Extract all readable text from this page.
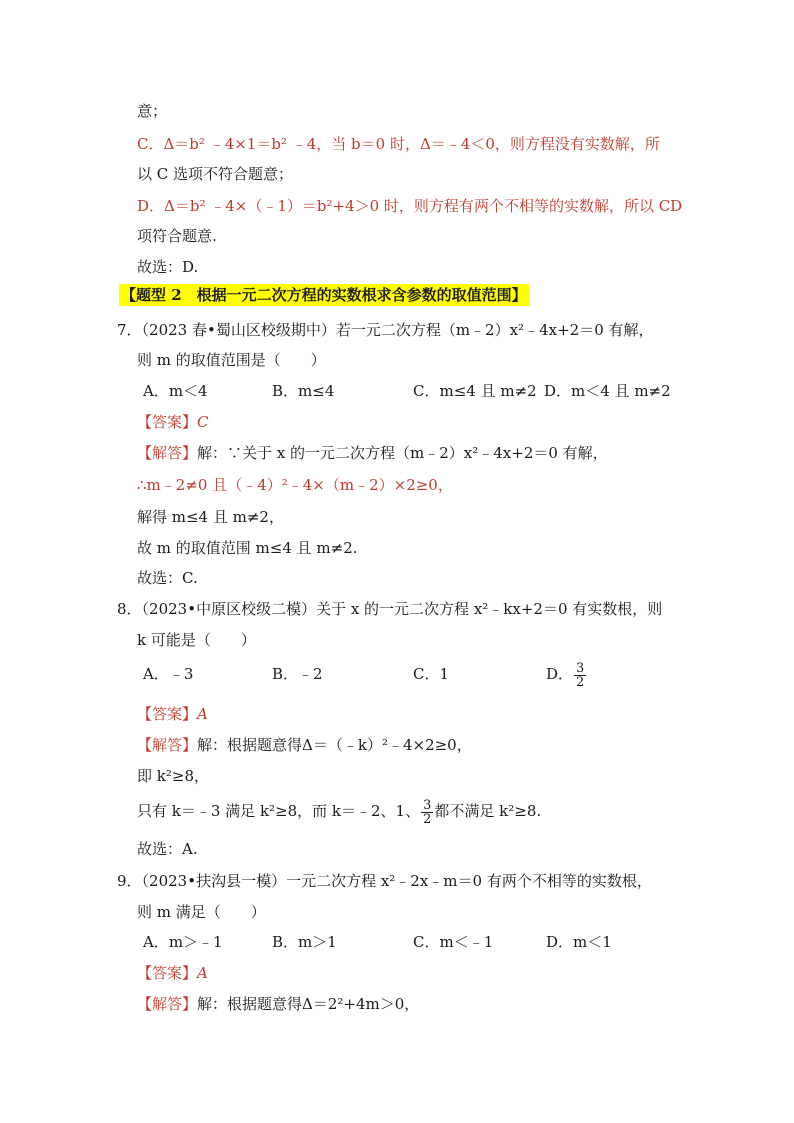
意；
C．Δ＝b² ﹣4×1＝b² ﹣4，当 b＝0 时，Δ＝﹣4＜0，则方程没有实数解，所
以 C 选项不符合题意；
D．Δ＝b² ﹣4×（﹣1）＝b²+4＞0 时，则方程有两个不相等的实数解，所以 CD
项符合题意.
故选：D.
【题型 2　根据一元二次方程的实数根求含参数的取值范围】
7．（2023 春•蜀山区校级期中）若一元二次方程（m﹣2）x²﹣4x+2＝0 有解，
则 m 的取值范围是（　　）
A．m＜4	B．m≤4	C．m≤4 且 m≠2 D．m＜4 且 m≠2
【答案】C
【解答】解：∵关于 x 的一元二次方程（m﹣2）x²﹣4x+2＝0 有解，
∴m﹣2≠0 且（﹣4）²﹣4×（m﹣2）×2≥0，
解得 m≤4 且 m≠2，
故 m 的取值范围 m≤4 且 m≠2.
故选：C.
8．（2023•中原区校级二模）关于 x 的一元二次方程 x²﹣kx+2＝0 有实数根，则
k 可能是（　　）
A．﹣3	B．﹣2	C．1	D． $\frac{3}{2}$
【答案】A
【解答】解：根据题意得Δ＝（﹣k）²﹣4×2≥0，
即 k²≥8，
只有 k＝﹣3 满足 k²≥8，而 k＝﹣2、1、 $\frac{3}{2}$ 都不满足 k²≥8.
故选：A.
9．（2023•扶沟县一模）一元二次方程 x²﹣2x﹣m＝0 有两个不相等的实数根，
则 m 满足（　　）
A．m＞﹣1	B．m＞1	C．m＜﹣1	D．m＜1
【答案】A
【解答】解：根据题意得Δ＝2²+4m＞0，
